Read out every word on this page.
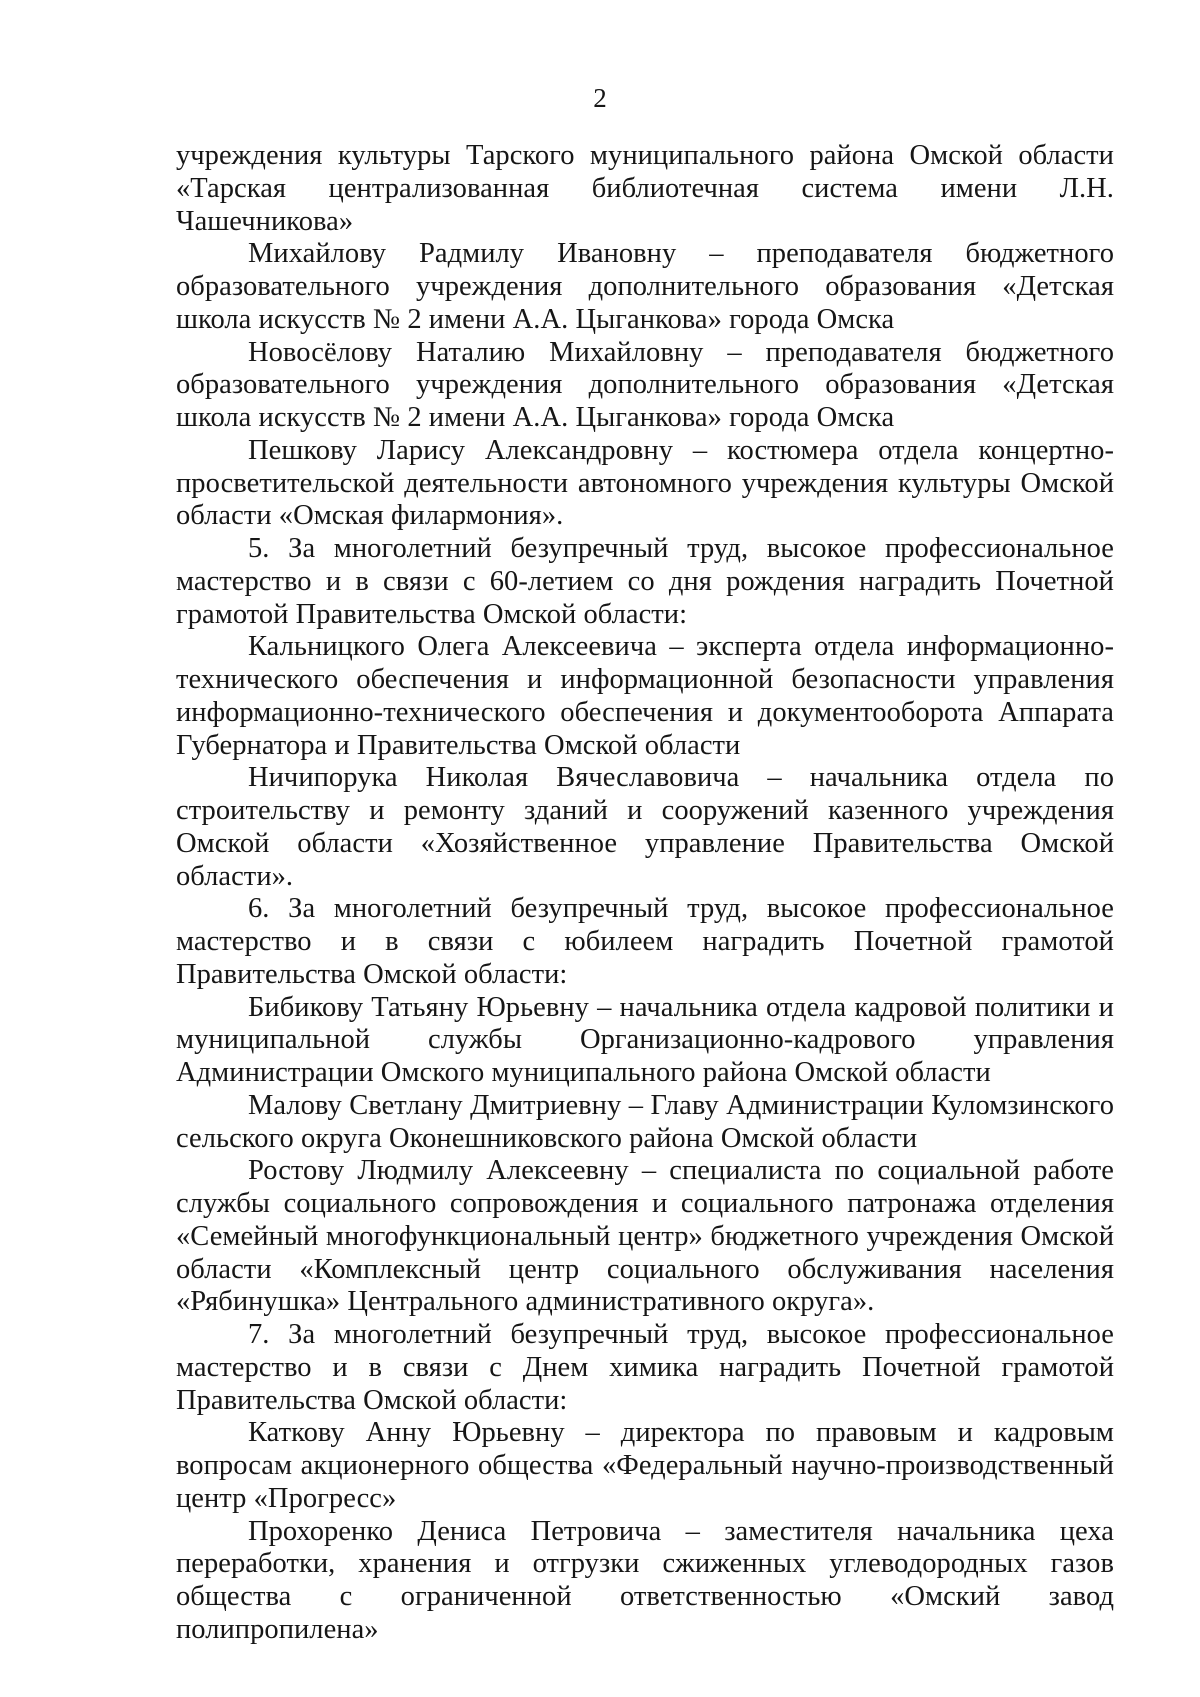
2

учреждения культуры Тарского муниципального района Омской области «Тарская централизованная библиотечная система имени Л.Н. Чашечникова»

Михайлову Радмилу Ивановну – преподавателя бюджетного образовательного учреждения дополнительного образования «Детская школа искусств № 2 имени А.А. Цыганкова» города Омска

Новосёлову Наталию Михайловну – преподавателя бюджетного образовательного учреждения дополнительного образования «Детская школа искусств № 2 имени А.А. Цыганкова» города Омска

Пешкову Ларису Александровну – костюмера отдела концертно-просветительской деятельности автономного учреждения культуры Омской области «Омская филармония».

5. За многолетний безупречный труд, высокое профессиональное мастерство и в связи с 60-летием со дня рождения наградить Почетной грамотой Правительства Омской области:

Кальницкого Олега Алексеевича – эксперта отдела информационно-технического обеспечения и информационной безопасности управления информационно-технического обеспечения и документооборота Аппарата Губернатора и Правительства Омской области

Ничипорука Николая Вячеславовича – начальника отдела по строительству и ремонту зданий и сооружений казенного учреждения Омской области «Хозяйственное управление Правительства Омской области».

6. За многолетний безупречный труд, высокое профессиональное мастерство и в связи с юбилеем наградить Почетной грамотой Правительства Омской области:

Бибикову Татьяну Юрьевну – начальника отдела кадровой политики и муниципальной службы Организационно-кадрового управления Администрации Омского муниципального района Омской области

Малову Светлану Дмитриевну – Главу Администрации Куломзинского сельского округа Оконешниковского района Омской области

Ростову Людмилу Алексеевну – специалиста по социальной работе службы социального сопровождения и социального патронажа отделения «Семейный многофункциональный центр» бюджетного учреждения Омской области «Комплексный центр социального обслуживания населения «Рябинушка» Центрального административного округа».

7. За многолетний безупречный труд, высокое профессиональное мастерство и в связи с Днем химика наградить Почетной грамотой Правительства Омской области:

Каткову Анну Юрьевну – директора по правовым и кадровым вопросам акционерного общества «Федеральный научно-производственный центр «Прогресс»

Прохоренко Дениса Петровича – заместителя начальника цеха переработки, хранения и отгрузки сжиженных углеводородных газов общества с ограниченной ответственностью «Омский завод полипропилена»
